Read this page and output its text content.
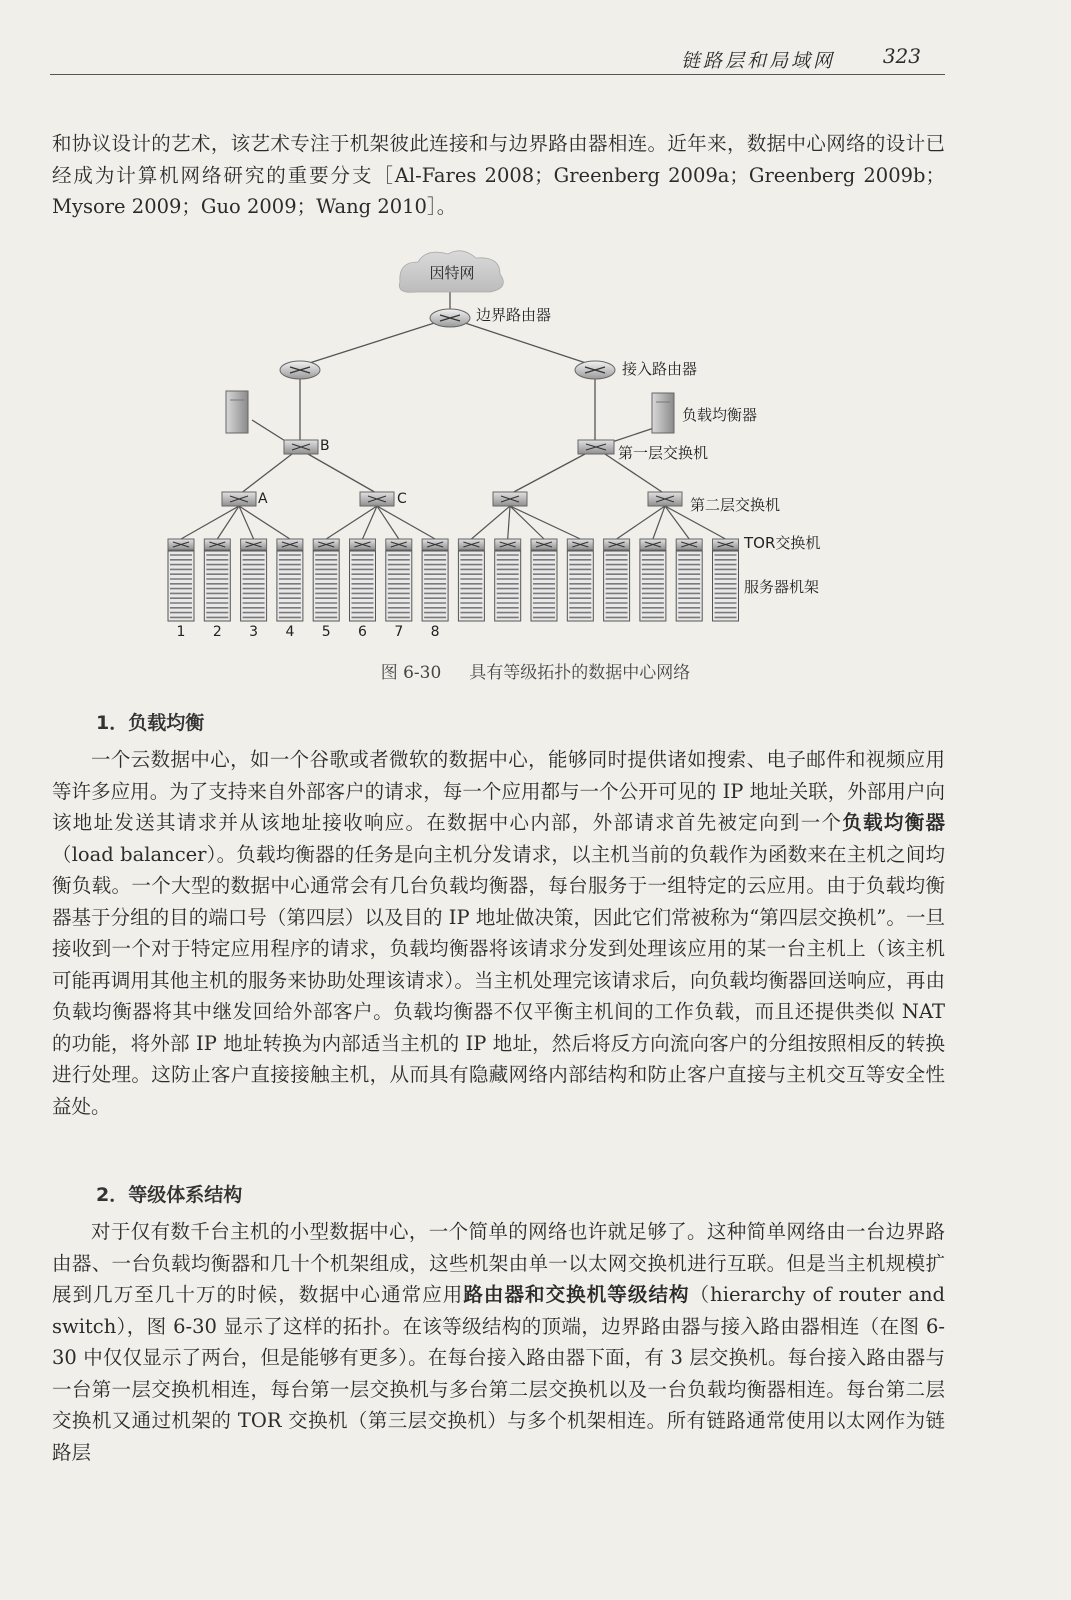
链路层和局域网 323

和协议设计的艺术，该艺术专注于机架彼此连接和与边界路由器相连。近年来，数据中心网络的设计已经成为计算机网络研究的重要分支［Al-Fares 2008；Greenberg 2009a；Greenberg 2009b；Mysore 2009；Guo 2009；Wang 2010］。

因特网
边界路由器
接入路由器
负载均衡器
B	第一层交换机
A	C	第二层交换机
1 2 3 4 5 6 7 8
TOR交换机
服务器机架
图 6-30 具有等级拓扑的数据中心网络
1．负载均衡

一个云数据中心，如一个谷歌或者微软的数据中心，能够同时提供诸如搜索、电子邮件和视频应用等许多应用。为了支持来自外部客户的请求，每一个应用都与一个公开可见的 IP 地址关联，外部用户向该地址发送其请求并从该地址接收响应。在数据中心内部，外部请求首先被定向到一个负载均衡器（load balancer）。负载均衡器的任务是向主机分发请求，以主机当前的负载作为函数来在主机之间均衡负载。一个大型的数据中心通常会有几台负载均衡器，每台服务于一组特定的云应用。由于负载均衡器基于分组的目的端口号（第四层）以及目的 IP 地址做决策，因此它们常被称为“第四层交换机”。一旦接收到一个对于特定应用程序的请求，负载均衡器将该请求分发到处理该应用的某一台主机上（该主机可能再调用其他主机的服务来协助处理该请求）。当主机处理完该请求后，向负载均衡器回送响应，再由负载均衡器将其中继发回给外部客户。负载均衡器不仅平衡主机间的工作负载，而且还提供类似 NAT 的功能，将外部 IP 地址转换为内部适当主机的 IP 地址，然后将反方向流向客户的分组按照相反的转换进行处理。这防止客户直接接触主机，从而具有隐藏网络内部结构和防止客户直接与主机交互等安全性益处。

2．等级体系结构

对于仅有数千台主机的小型数据中心，一个简单的网络也许就足够了。这种简单网络由一台边界路由器、一台负载均衡器和几十个机架组成，这些机架由单一以太网交换机进行互联。但是当主机规模扩展到几万至几十万的时候，数据中心通常应用路由器和交换机等级结构（hierarchy of router and switch），图 6-30 显示了这样的拓扑。在该等级结构的顶端，边界路由器与接入路由器相连（在图 6-30 中仅仅显示了两台，但是能够有更多）。在每台接入路由器下面，有 3 层交换机。每台接入路由器与一台第一层交换机相连，每台第一层交换机与多台第二层交换机以及一台负载均衡器相连。每台第二层交换机又通过机架的 TOR 交换机（第三层交换机）与多个机架相连。所有链路通常使用以太网作为链路层
